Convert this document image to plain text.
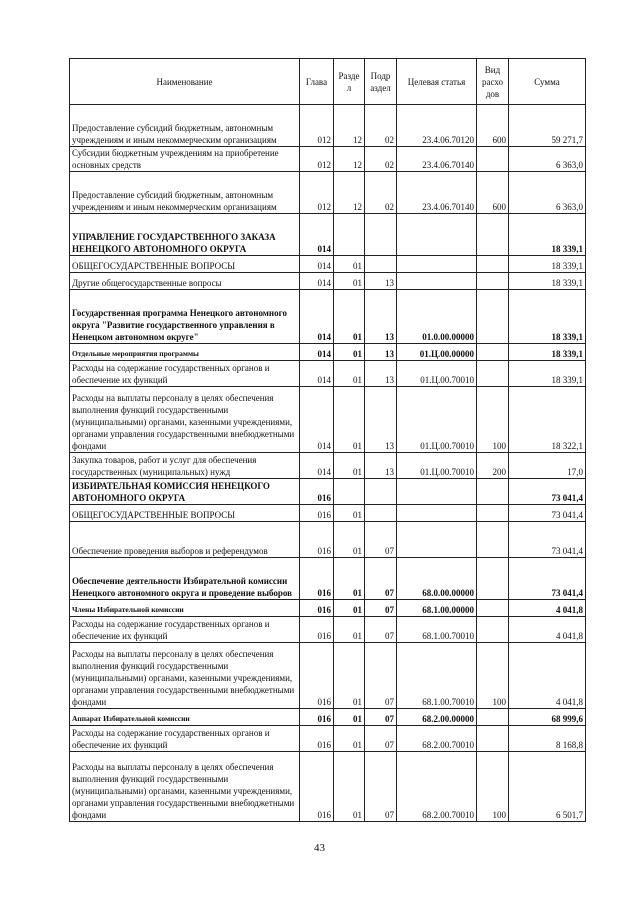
Наименование	Глава	Разде л	Подр аздел	Целевая статья	Вид расхо дов	Сумма
Предоставление субсидий бюджетным, автономным учреждениям и иным некоммерческим организациям	012	12	02	23.4.06.70120	600	59 271,7
Субсидии бюджетным учреждениям на приобретение основных средств	012	12	02	23.4.06.70140		6 363,0
Предоставление субсидий бюджетным, автономным учреждениям и иным некоммерческим организациям	012	12	02	23.4.06.70140	600	6 363,0
УПРАВЛЕНИЕ ГОСУДАРСТВЕННОГО ЗАКАЗА НЕНЕЦКОГО АВТОНОМНОГО ОКРУГА	014					18 339,1
ОБЩЕГОСУДАРСТВЕННЫЕ ВОПРОСЫ	014	01				18 339,1
Другие общегосударственные вопросы	014	01	13			18 339,1
Государственная программа Ненецкого автономного округа "Развитие государственного управления в Ненецком автономном округе"	014	01	13	01.0.00.00000		18 339,1
Отдельные мероприятия программы	014	01	13	01.Ц.00.00000		18 339,1
Расходы на содержание государственных органов и обеспечение их функций	014	01	13	01.Ц.00.70010		18 339,1
Расходы на выплаты персоналу в целях обеспечения выполнения функций государственными (муниципальными) органами, казенными учреждениями, органами управления государственными внебюджетными фондами	014	01	13	01.Ц.00.70010	100	18 322,1
Закупка товаров, работ и услуг для обеспечения государственных (муниципальных) нужд	014	01	13	01.Ц.00.70010	200	17,0
ИЗБИРАТЕЛЬНАЯ КОМИССИЯ НЕНЕЦКОГО АВТОНОМНОГО ОКРУГА	016					73 041,4
ОБЩЕГОСУДАРСТВЕННЫЕ ВОПРОСЫ	016	01				73 041,4
Обеспечение проведения выборов и референдумов	016	01	07			73 041,4
Обеспечение деятельности Избирательной комиссии Ненецкого автономного округа и проведение выборов	016	01	07	68.0.00.00000		73 041,4
Члены Избирательной комиссии	016	01	07	68.1.00.00000		4 041,8
Расходы на содержание государственных органов и обеспечение их функций	016	01	07	68.1.00.70010		4 041,8
Расходы на выплаты персоналу в целях обеспечения выполнения функций государственными (муниципальными) органами, казенными учреждениями, органами управления государственными внебюджетными фондами	016	01	07	68.1.00.70010	100	4 041,8
Аппарат Избирательной комиссии	016	01	07	68.2.00.00000		68 999,6
Расходы на содержание государственных органов и обеспечение их функций	016	01	07	68.2.00.70010		8 168,8
Расходы на выплаты персоналу в целях обеспечения выполнения функций государственными (муниципальными) органами, казенными учреждениями, органами управления государственными внебюджетными фондами	016	01	07	68.2.00.70010	100	6 501,7
43
